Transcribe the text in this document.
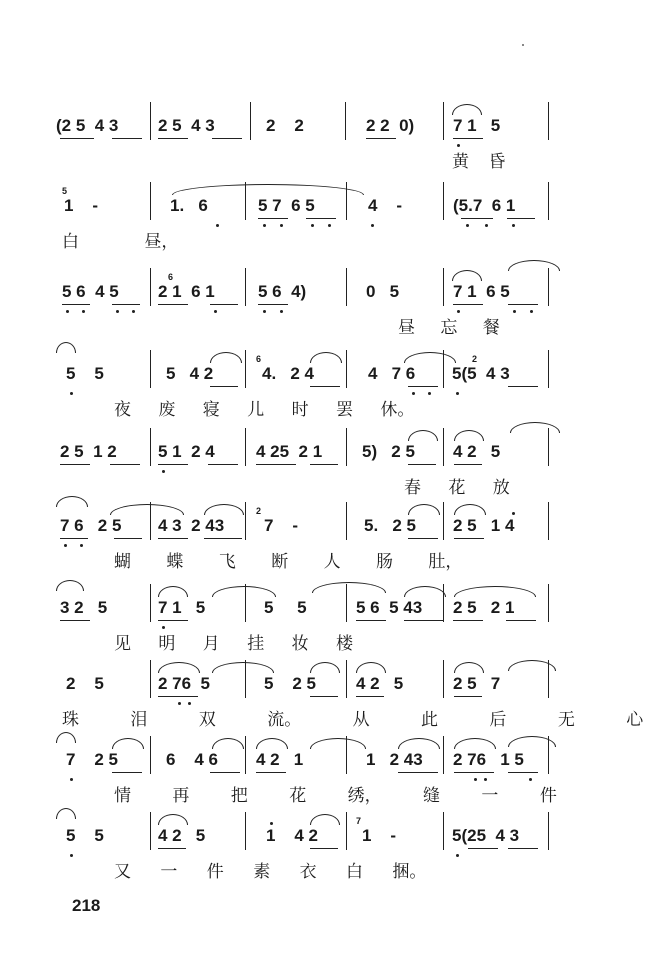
(2 5  4 3 2 5  4 3	2    2	2 2  0) 7 1   5
黄 昏
5
1    -	1.   6	5 7  6 5	4    -	(5.7  6 1
白 昼，
5 6  4 5
6
2 1  6 1	5 6  4)	0   5	7 1  6 5
昼 忘 餐
5    5	5   4 2
6
4.   2 4	4   7 6
2
5(5  4 3
夜 废 寝 儿 时 罢 休。
2 5  1 2 5 1  2 4 4 25  2 1 5)   2 5 4 2   5
春 花 放
7 6   2 5 4 3  2 43
2
7    -	5.   2 5 2 5   1 4
蝴 蝶 飞 断 人 肠 肚，
3 2   5	7 1   5	5     5	5 6  5 43 2 5   2 1
见 明 月 挂 妆 楼
2    5	2 76  5	5    2 5 4 2   5	2 5   7
珠 泪 双 流。 从 此 后 无 心
7    2 5	6    4 6 4 2   1	1   2 43 2 76   1 5
情 再 把 花 绣， 缝 一 件
5    5	4 2   5	1    4 2
7
1    -	5(25  4 3
又 一 件 素 衣 白 捆。
218
